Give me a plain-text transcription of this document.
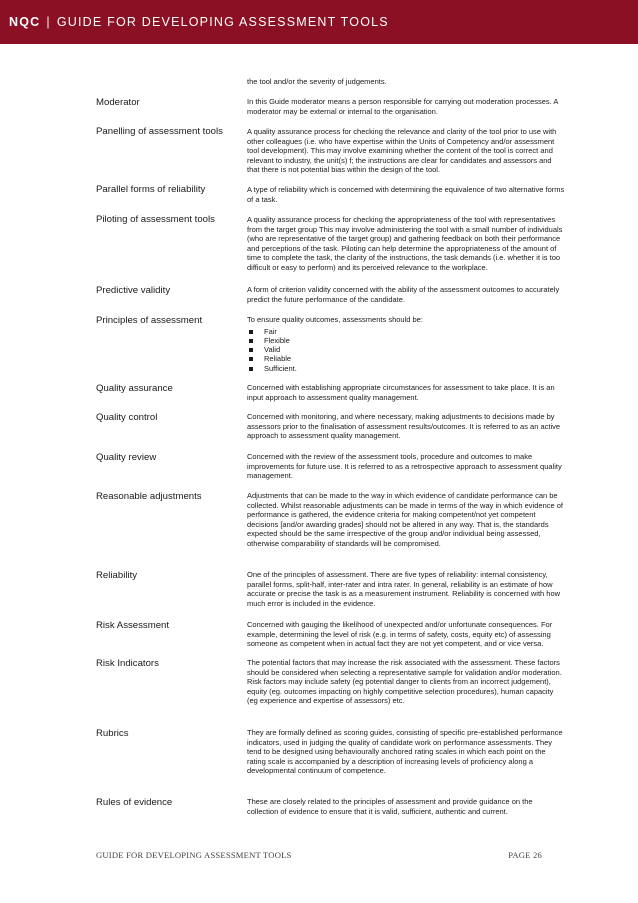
NQC | GUIDE FOR DEVELOPING ASSESSMENT TOOLS
the tool and/or the severity of judgements.
Moderator	In this Guide moderator means a person responsible for carrying out moderation processes. A moderator may be external or internal to the organisation.
Panelling of assessment tools	A quality assurance process for checking the relevance and clarity of the tool prior to use with other colleagues (i.e. who have expertise within the Units of Competency and/or assessment tool development). This may involve examining whether the content of the tool is correct and relevant to industry, the unit(s) f; the instructions are clear for candidates and assessors and that there is not potential bias within the design of the tool.
Parallel forms of reliability	A type of reliability which is concerned with determining the equivalence of two alternative forms of a task.
Piloting of assessment tools	A quality assurance process for checking the appropriateness of the tool with representatives from the target group This may involve administering the tool with a small number of individuals (who are representative of the target group) and gathering feedback on both their performance and perceptions of the task. Piloting can help determine the appropriateness of the amount of time to complete the task, the clarity of the instructions, the task demands (i.e. whether it is too difficult or easy to perform) and its perceived relevance to the workplace.
Predictive validity	A form of criterion validity concerned with the ability of the assessment outcomes to accurately predict the future performance of the candidate.
Principles of assessment	To ensure quality outcomes, assessments should be:
Fair
Flexible
Valid
Reliable
Sufficient.
Quality assurance	Concerned with establishing appropriate circumstances for assessment to take place. It is an input approach to assessment quality management.
Quality control	Concerned with monitoring, and where necessary, making adjustments to decisions made by assessors prior to the finalisation of assessment results/outcomes. It is referred to as an active approach to assessment quality management.
Quality review	Concerned with the review of the assessment tools, procedure and outcomes to make improvements for future use. It is referred to as a retrospective approach to assessment quality management.
Reasonable adjustments	Adjustments that can be made to the way in which evidence of candidate performance can be collected. Whilst reasonable adjustments can be made in terms of the way in which evidence of performance is gathered, the evidence criteria for making competent/not yet competent decisions [and/or awarding grades] should not be altered in any way. That is, the standards expected should be the same irrespective of the group and/or individual being assessed, otherwise comparability of standards will be compromised.
Reliability	One of the principles of assessment. There are five types of reliability: internal consistency, parallel forms, split-half, inter-rater and intra rater. In general, reliability is an estimate of how accurate or precise the task is as a measurement instrument. Reliability is concerned with how much error is included in the evidence.
Risk Assessment	Concerned with gauging the likelihood of unexpected and/or unfortunate consequences. For example, determining the level of risk (e.g. in terms of safety, costs, equity etc) of assessing someone as competent when in actual fact they are not yet competent, and or vice versa.
Risk Indicators	The potential factors that may increase the risk associated with the assessment. These factors should be considered when selecting a representative sample for validation and/or moderation. Risk factors may include safety (eg potential danger to clients from an incorrect judgement), equity (eg. outcomes impacting on highly competitive selection procedures), human capacity (eg experience and expertise of assessors) etc.
Rubrics	They are formally defined as scoring guides, consisting of specific pre-established performance indicators, used in judging the quality of candidate work on performance assessments. They tend to be designed using behaviourally anchored rating scales in which each point on the rating scale is accompanied by a description of increasing levels of proficiency along a developmental continuum of competence.
Rules of evidence	These are closely related to the principles of assessment and provide guidance on the collection of evidence to ensure that it is valid, sufficient, authentic and current.
GUIDE FOR DEVELOPING ASSESSMENT TOOLS	PAGE 26
